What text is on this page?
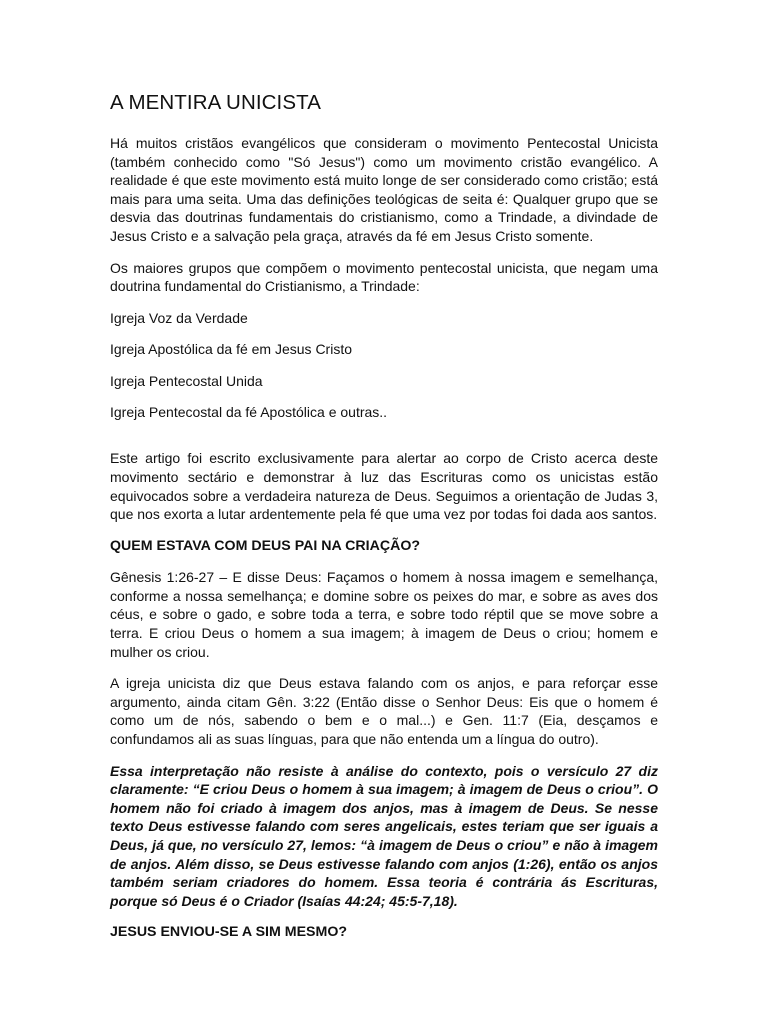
A MENTIRA UNICISTA

Há muitos cristãos evangélicos que consideram o movimento Pentecostal Unicista (também conhecido como "Só Jesus") como um movimento cristão evangélico. A realidade é que este movimento está muito longe de ser considerado como cristão; está mais para uma seita. Uma das definições teológicas de seita é: Qualquer grupo que se desvia das doutrinas fundamentais do cristianismo, como a Trindade, a divindade de Jesus Cristo e a salvação pela graça, através da fé em Jesus Cristo somente.

Os maiores grupos que compõem o movimento pentecostal unicista, que negam uma doutrina fundamental do Cristianismo, a Trindade:

Igreja Voz da Verdade
Igreja Apostólica da fé em Jesus Cristo
Igreja Pentecostal Unida
Igreja Pentecostal da fé Apostólica e outras..

Este artigo foi escrito exclusivamente para alertar ao corpo de Cristo acerca deste movimento sectário e demonstrar à luz das Escrituras como os unicistas estão equivocados sobre a verdadeira natureza de Deus. Seguimos a orientação de Judas 3, que nos exorta a lutar ardentemente pela fé que uma vez por todas foi dada aos santos.

QUEM ESTAVA COM DEUS PAI NA CRIAÇÃO?

Gênesis 1:26-27 – E disse Deus: Façamos o homem à nossa imagem e semelhança, conforme a nossa semelhança; e domine sobre os peixes do mar, e sobre as aves dos céus, e sobre o gado, e sobre toda a terra, e sobre todo réptil que se move sobre a terra. E criou Deus o homem a sua imagem; à imagem de Deus o criou; homem e mulher os criou.

A igreja unicista diz que Deus estava falando com os anjos, e para reforçar esse argumento, ainda citam Gên. 3:22 (Então disse o Senhor Deus: Eis que o homem é como um de nós, sabendo o bem e o mal...) e Gen. 11:7 (Eia, desçamos e confundamos ali as suas línguas, para que não entenda um a língua do outro).

Essa interpretação não resiste à análise do contexto, pois o versículo 27 diz claramente: “E criou Deus o homem à sua imagem; à imagem de Deus o criou”. O homem não foi criado à imagem dos anjos, mas à imagem de Deus. Se nesse texto Deus estivesse falando com seres angelicais, estes teriam que ser iguais a Deus, já que, no versículo 27, lemos: “à imagem de Deus o criou” e não à imagem de anjos. Além disso, se Deus estivesse falando com anjos (1:26), então os anjos também seriam criadores do homem. Essa teoria é contrária ás Escrituras, porque só Deus é o Criador (Isaías 44:24; 45:5-7,18).

JESUS ENVIOU-SE A SIM MESMO?
